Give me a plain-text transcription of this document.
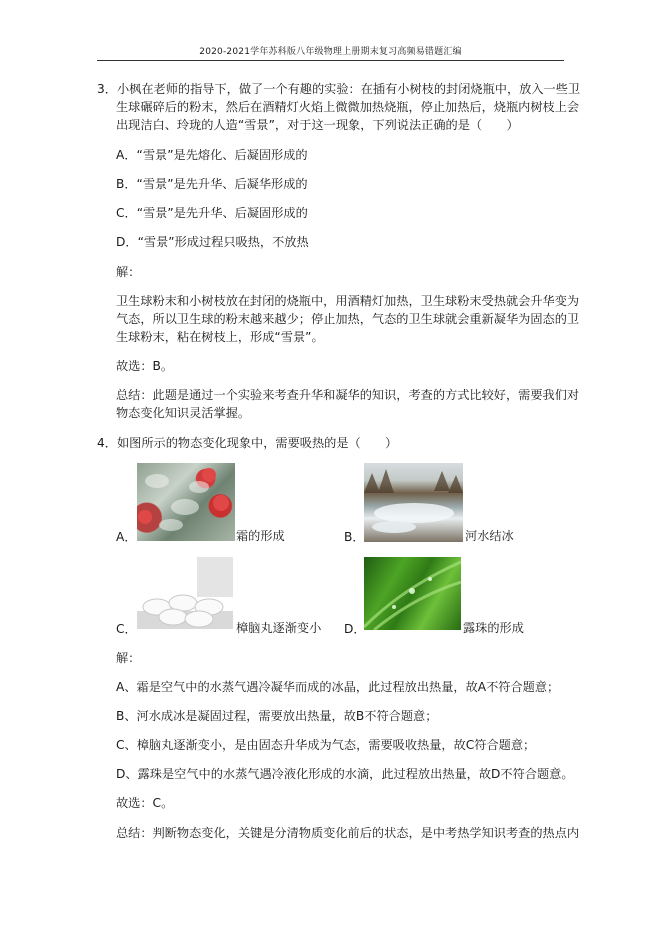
2020-2021学年苏科版八年级物理上册期末复习高频易错题汇编
3．小枫在老师的指导下，做了一个有趣的实验：在插有小树枝的封闭烧瓶中，放入一些卫
生球碾碎后的粉末，然后在酒精灯火焰上微微加热烧瓶，停止加热后，烧瓶内树枝上会
出现洁白、玲珑的人造“雪景”，对于这一现象，下列说法正确的是（　　）
A．“雪景”是先熔化、后凝固形成的
B．“雪景”是先升华、后凝华形成的
C．“雪景”是先升华、后凝固形成的
D．“雪景”形成过程只吸热，不放热
解：
卫生球粉末和小树枝放在封闭的烧瓶中，用酒精灯加热，卫生球粉末受热就会升华变为
气态，所以卫生球的粉末越来越少；停止加热，气态的卫生球就会重新凝华为固态的卫
生球粉末，粘在树枝上，形成“雪景”。
故选：B。
总结：此题是通过一个实验来考查升华和凝华的知识，考查的方式比较好，需要我们对
物态变化知识灵活掌握。
4．如图所示的物态变化现象中，需要吸热的是（　　）
A．	霜的形成	B．	河水结冰
C．	樟脑丸逐渐变小 D．	露珠的形成
解：
A、霜是空气中的水蒸气遇冷凝华而成的冰晶，此过程放出热量，故A不符合题意；
B、河水成冰是凝固过程，需要放出热量，故B不符合题意；
C、樟脑丸逐渐变小，是由固态升华成为气态，需要吸收热量，故C符合题意；
D、露珠是空气中的水蒸气遇冷液化形成的水滴，此过程放出热量，故D不符合题意。
故选：C。
总结：判断物态变化，关键是分清物质变化前后的状态，是中考热学知识考查的热点内
